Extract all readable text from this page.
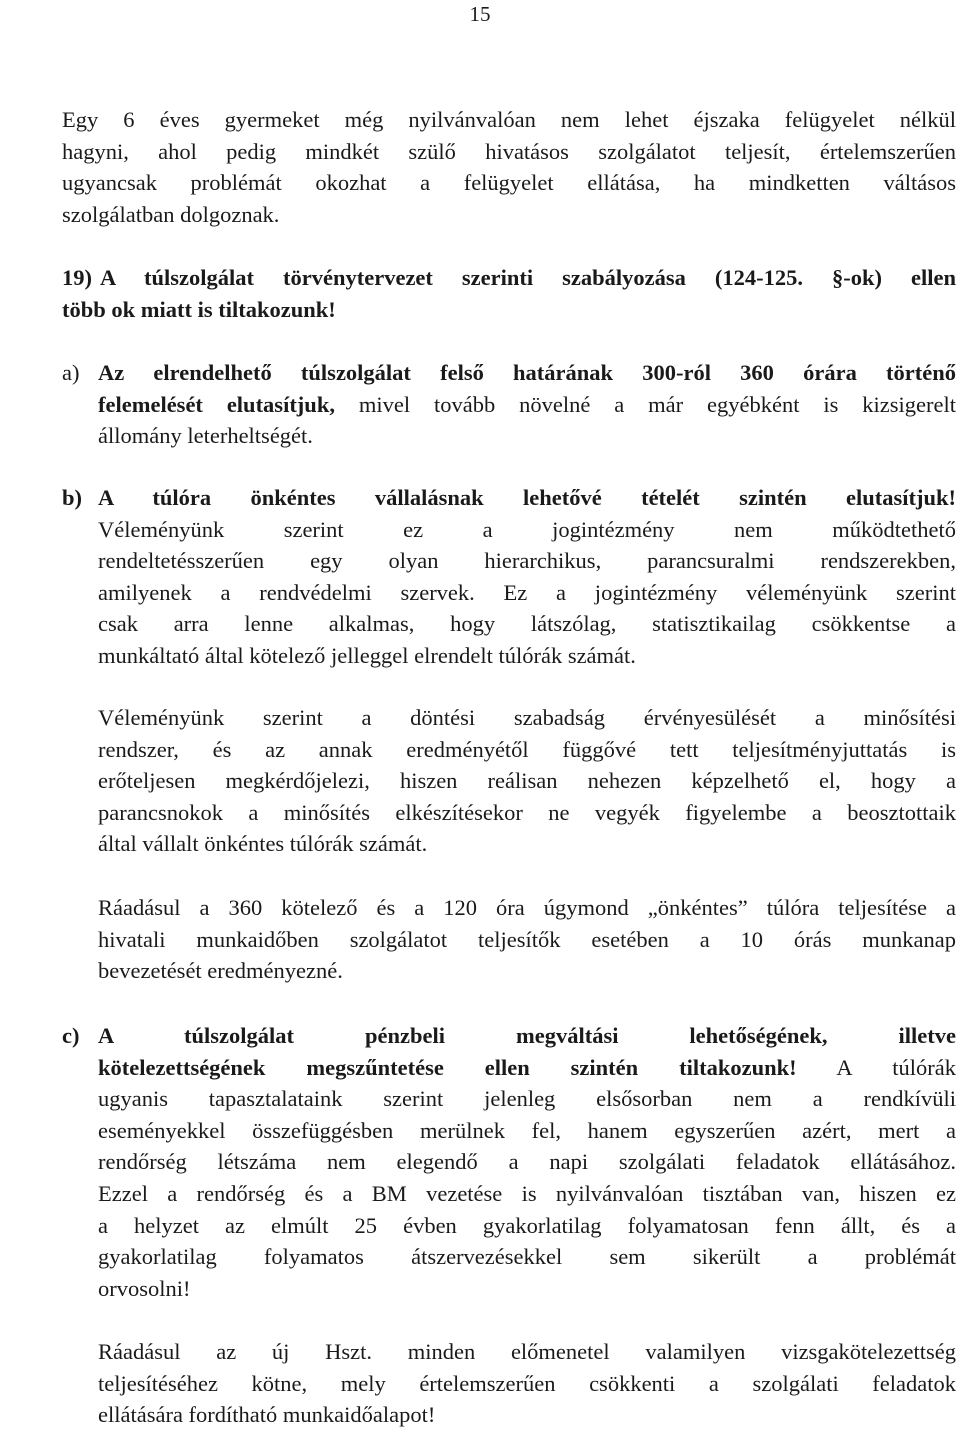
15
Egy 6 éves gyermeket még nyilvánvalóan nem lehet éjszaka felügyelet nélkül
hagyni, ahol pedig mindkét szülő hivatásos szolgálatot teljesít, értelemszerűen
ugyancsak problémát okozhat a felügyelet ellátása, ha mindketten váltásos
szolgálatban dolgoznak.
19) A túlszolgálat törvénytervezet szerinti szabályozása (124-125. §-ok) ellen
több ok miatt is tiltakozunk!
a) Az elrendelhető túlszolgálat felső határának 300-ról 360 órára történő
felemelését elutasítjuk, mivel tovább növelné a már egyébként is kizsigerelt
állomány leterheltségét.
b) A túlóra önkéntes vállalásnak lehetővé tételét szintén elutasítjuk!
Véleményünk szerint ez a jogintézmény nem működtethető
rendeltetésszerűen egy olyan hierarchikus, parancsuralmi rendszerekben,
amilyenek a rendvédelmi szervek. Ez a jogintézmény véleményünk szerint
csak arra lenne alkalmas, hogy látszólag, statisztikailag csökkentse a
munkáltató által kötelező jelleggel elrendelt túlórák számát.
Véleményünk szerint a döntési szabadság érvényesülését a minősítési
rendszer, és az annak eredményétől függővé tett teljesítményjuttatás is
erőteljesen megkérdőjelezi, hiszen reálisan nehezen képzelhető el, hogy a
parancsnokok a minősítés elkészítésekor ne vegyék figyelembe a beosztottaik
által vállalt önkéntes túlórák számát.
Ráadásul a 360 kötelező és a 120 óra úgymond „önkéntes” túlóra teljesítése a
hivatali munkaidőben szolgálatot teljesítők esetében a 10 órás munkanap
bevezetését eredményezné.
c) A túlszolgálat pénzbeli megváltási lehetőségének, illetve
kötelezettségének megszűntetése ellen szintén tiltakozunk! A túlórák
ugyanis tapasztalataink szerint jelenleg elsősorban nem a rendkívüli
eseményekkel összefüggésben merülnek fel, hanem egyszerűen azért, mert a
rendőrség létszáma nem elegendő a napi szolgálati feladatok ellátásához.
Ezzel a rendőrség és a BM vezetése is nyilvánvalóan tisztában van, hiszen ez
a helyzet az elmúlt 25 évben gyakorlatilag folyamatosan fenn állt, és a
gyakorlatilag folyamatos átszervezésekkel sem sikerült a problémát
orvosolni!
Ráadásul az új Hszt. minden előmenetel valamilyen vizsgakötelezettség
teljesítéséhez kötne, mely értelemszerűen csökkenti a szolgálati feladatok
ellátására fordítható munkaidőalapot!
